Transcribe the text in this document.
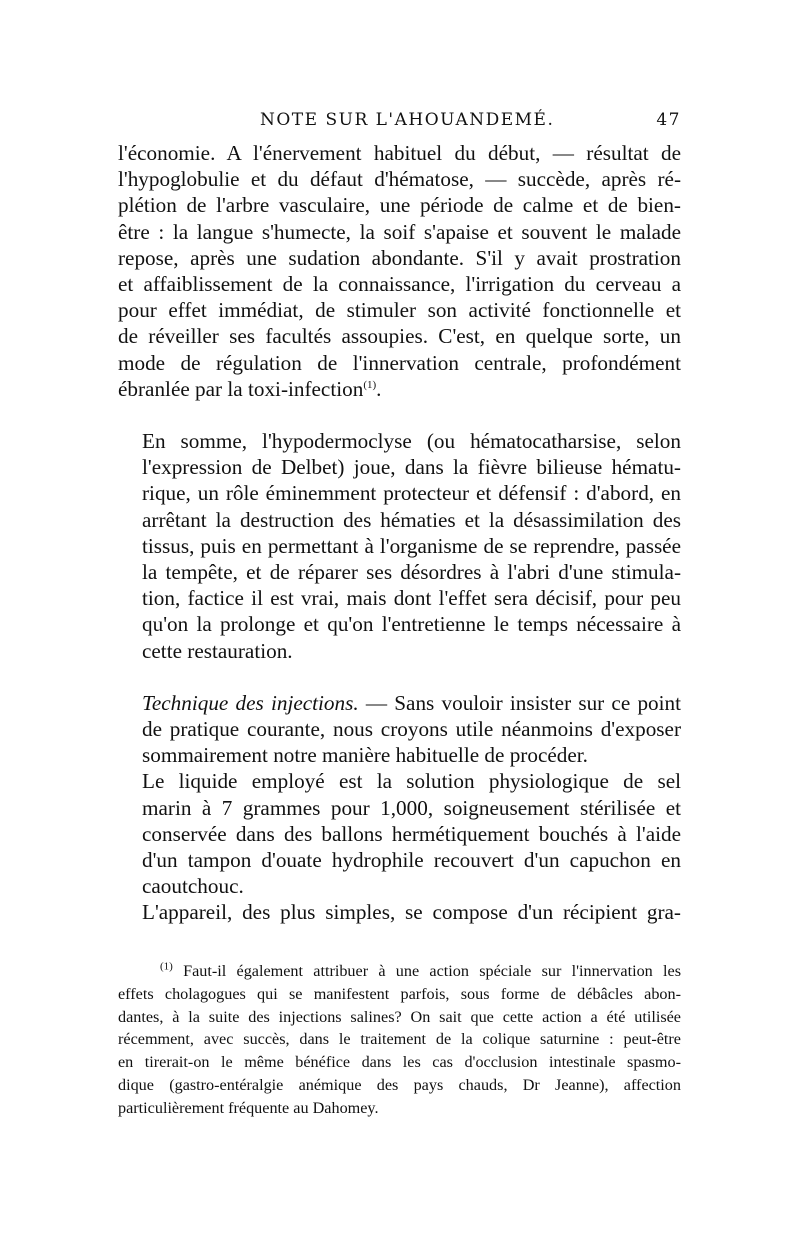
NOTE SUR L'AHOUANDEMÉ.	47

l'économie. A l'énervement habituel du début, — résultat de
l'hypoglobulie et du défaut d'hématose, — succède, après ré-
plétion de l'arbre vasculaire, une période de calme et de bien-
être : la langue s'humecte, la soif s'apaise et souvent le malade
repose, après une sudation abondante. S'il y avait prostration
et affaiblissement de la connaissance, l'irrigation du cerveau a
pour effet immédiat, de stimuler son activité fonctionnelle et
de réveiller ses facultés assoupies. C'est, en quelque sorte, un
mode de régulation de l'innervation centrale, profondément
ébranlée par la toxi-infection$^{(1)}$.

En somme, l'hypodermoclyse (ou hématocatharsise, selon
l'expression de Delbet) joue, dans la fièvre bilieuse hématu-
rique, un rôle éminemment protecteur et défensif : d'abord, en
arrêtant la destruction des hématies et la désassimilation des
tissus, puis en permettant à l'organisme de se reprendre, passée
la tempête, et de réparer ses désordres à l'abri d'une stimula-
tion, factice il est vrai, mais dont l'effet sera décisif, pour peu
qu'on la prolonge et qu'on l'entretienne le temps nécessaire à
cette restauration.

Technique des injections. — Sans vouloir insister sur ce point
de pratique courante, nous croyons utile néanmoins d'exposer
sommairement notre manière habituelle de procéder.

Le liquide employé est la solution physiologique de sel
marin à 7 grammes pour 1,000, soigneusement stérilisée et
conservée dans des ballons hermétiquement bouchés à l'aide
d'un tampon d'ouate hydrophile recouvert d'un capuchon en
caoutchouc.

L'appareil, des plus simples, se compose d'un récipient gra-

$^{(1)}$ Faut-il également attribuer à une action spéciale sur l'innervation les
effets cholagogues qui se manifestent parfois, sous forme de débâcles abon-
dantes, à la suite des injections salines? On sait que cette action a été utilisée
récemment, avec succès, dans le traitement de la colique saturnine : peut-être
en tirerait-on le même bénéfice dans les cas d'occlusion intestinale spasmo-
dique (gastro-entéralgie anémique des pays chauds, Dr Jeanne), affection
particulièrement fréquente au Dahomey.
